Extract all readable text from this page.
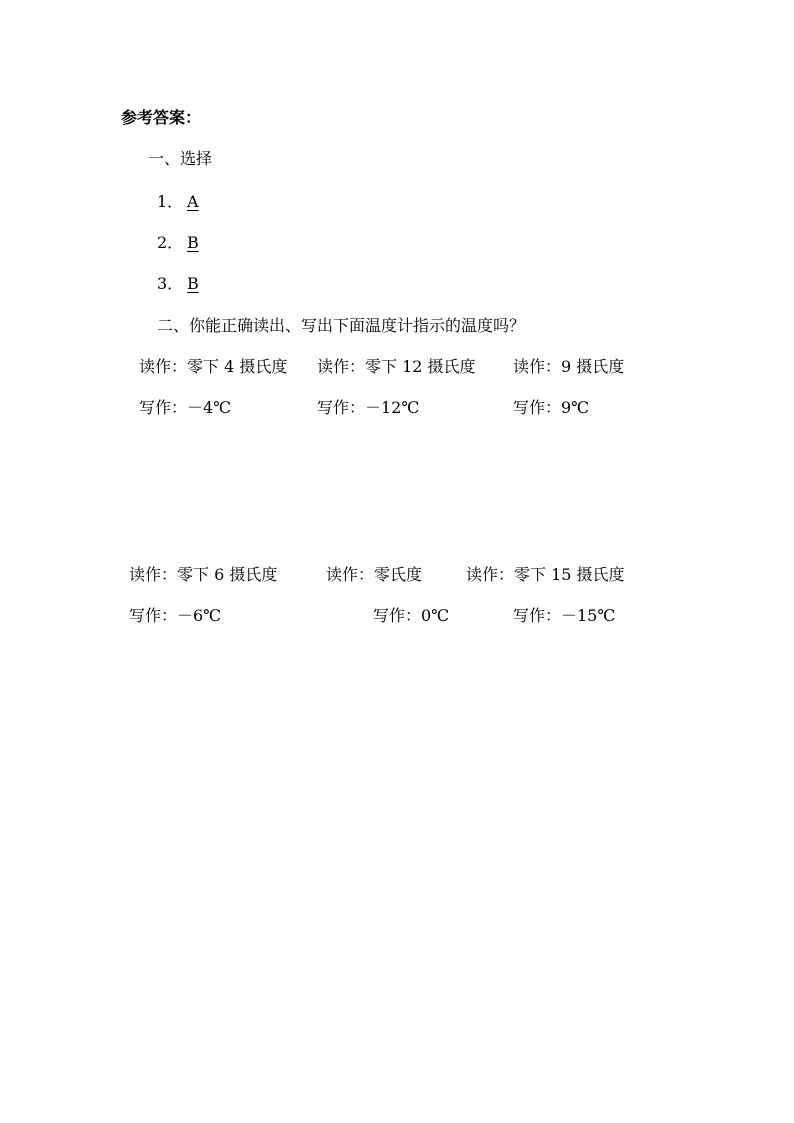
参考答案：
一、选择
1． A
2． B
3． B
二、你能正确读出、写出下面温度计指示的温度吗？
读作：零下 4 摄氏度 读作：零下 12 摄氏度 读作：9 摄氏度
写作：－4℃	写作：－12℃	写作：9℃
读作：零下 6 摄氏度	读作：零氏度	读作：零下 15 摄氏度
写作：－6℃	写作：0℃	写作：－15℃
